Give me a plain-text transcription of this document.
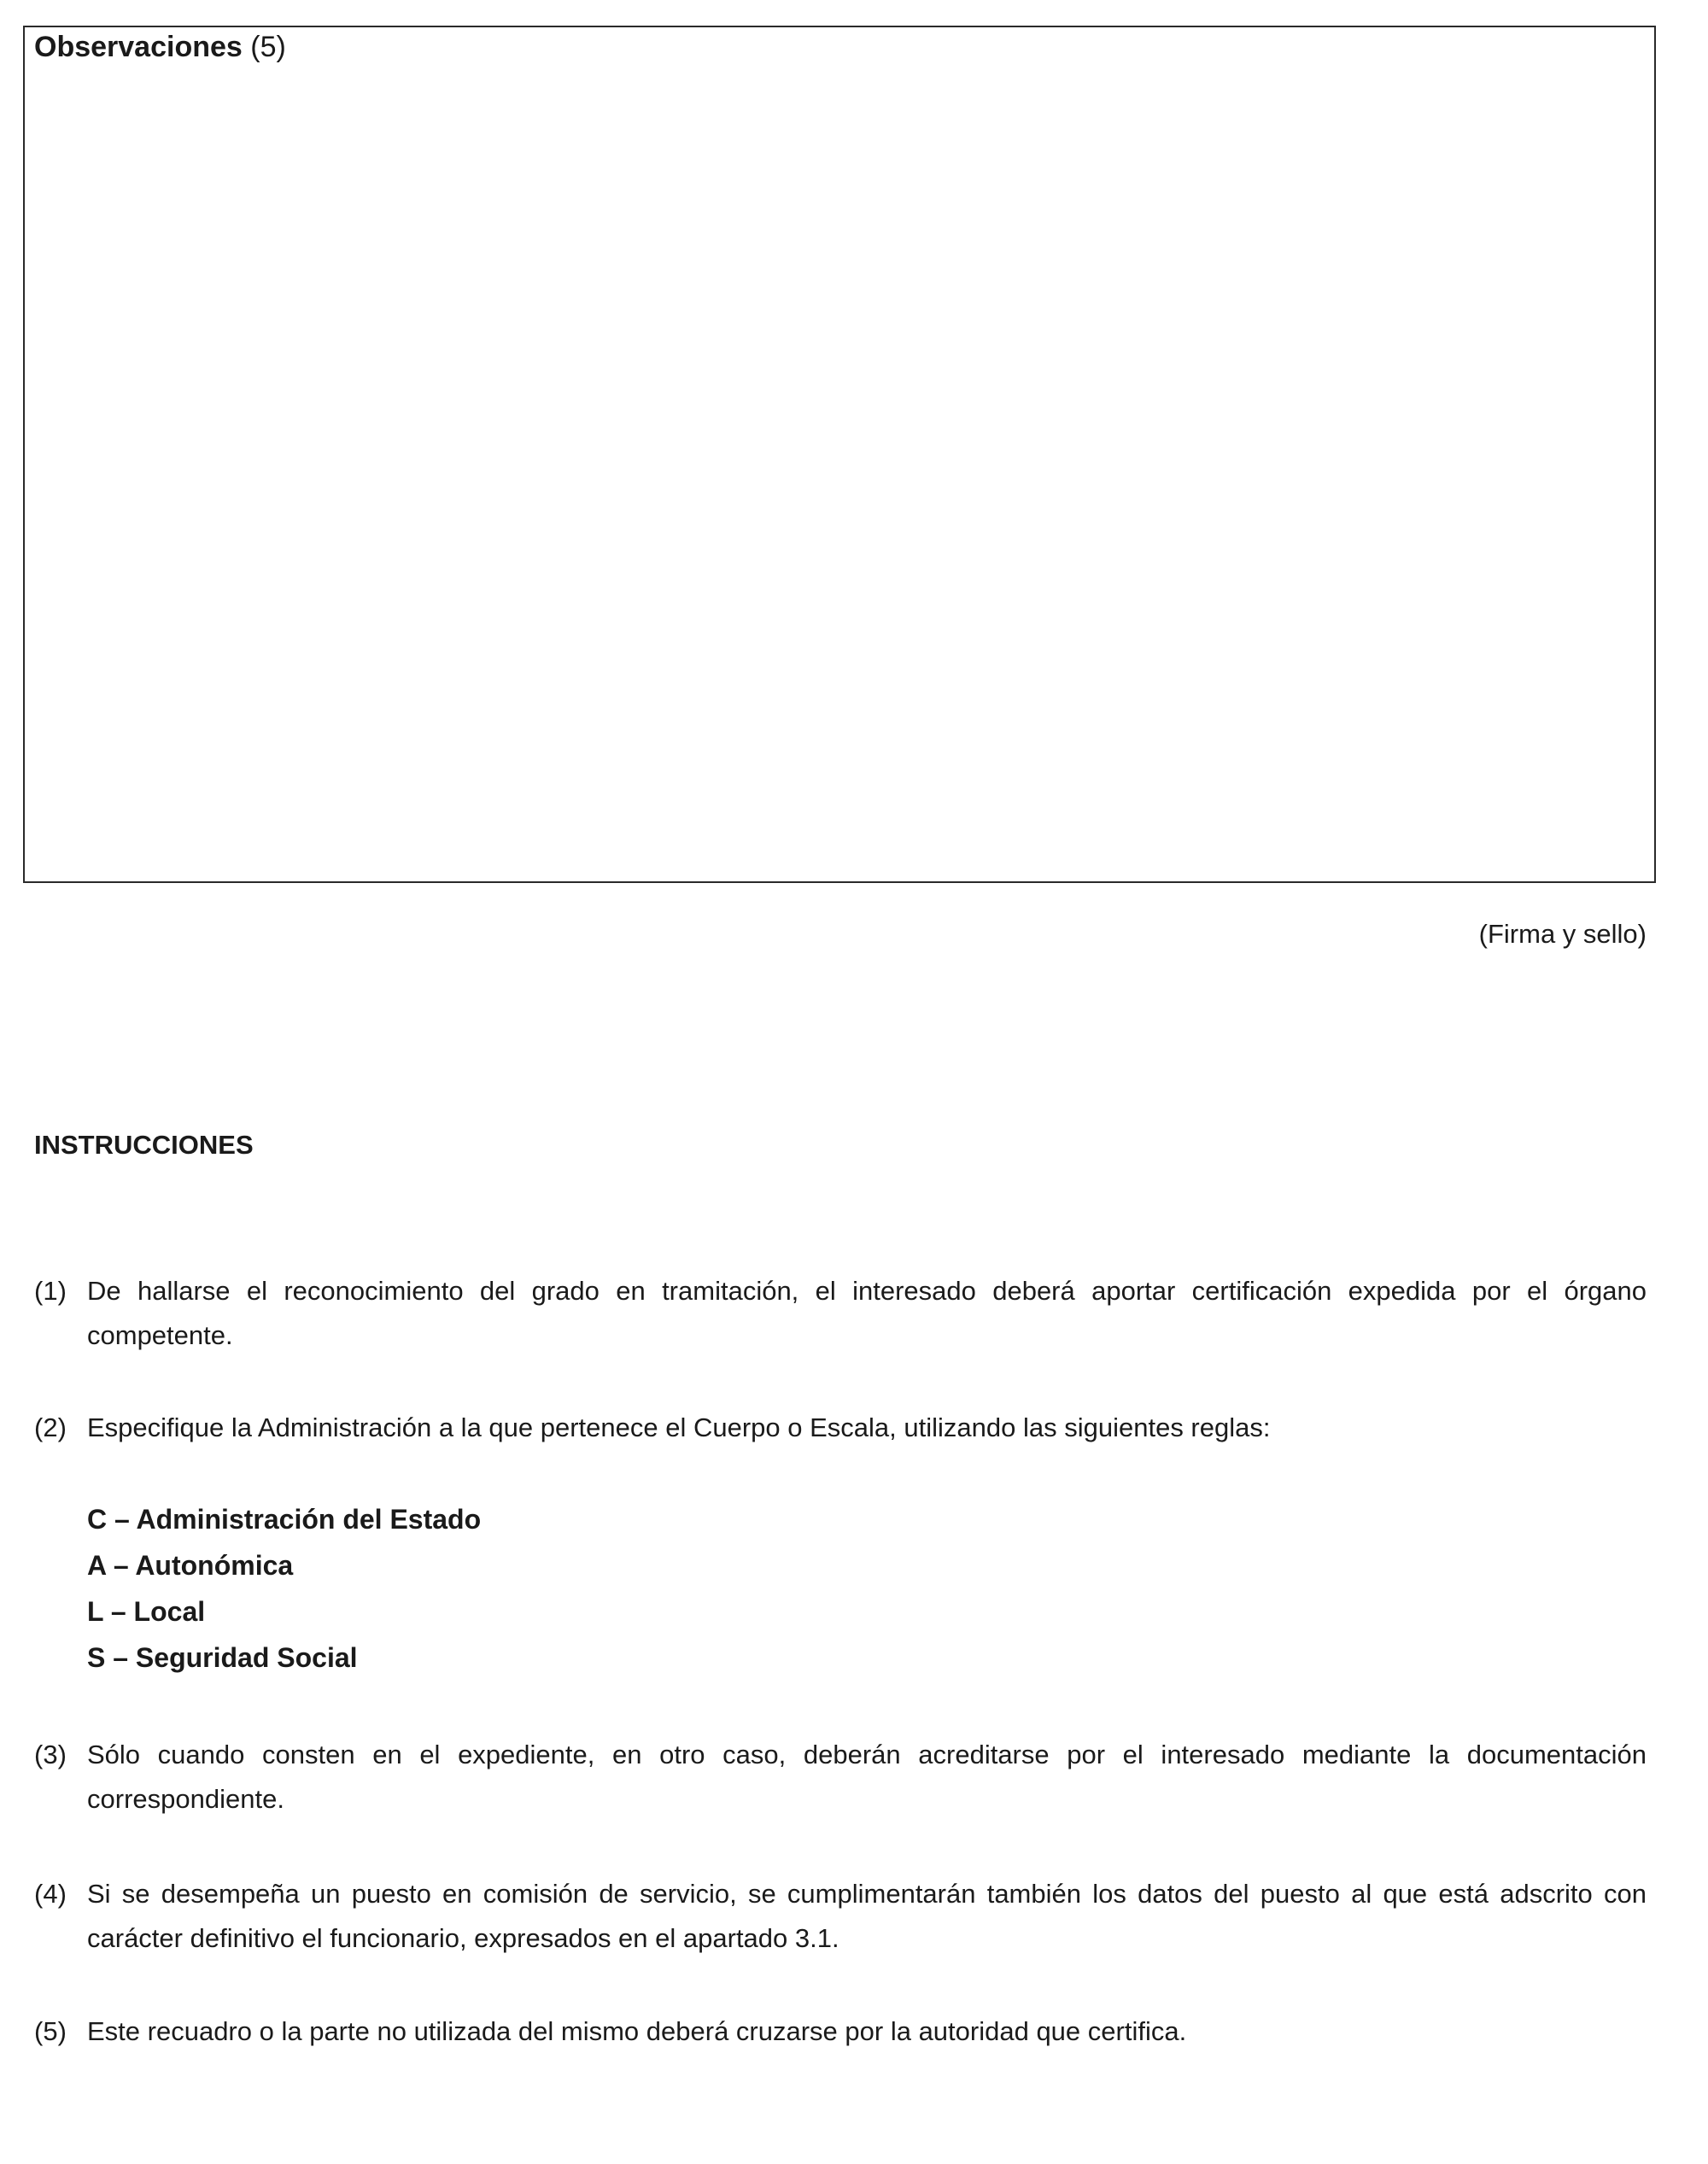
Observaciones (5)
(Firma y sello)
INSTRUCCIONES
(1) De hallarse el reconocimiento del grado en tramitación, el interesado deberá aportar certificación expedida por el órgano competente.
(2) Especifique la Administración a la que pertenece el Cuerpo o Escala, utilizando las siguientes reglas:
C – Administración del Estado
A – Autonómica
L – Local
S – Seguridad Social
(3) Sólo cuando consten en el expediente, en otro caso, deberán acreditarse por el interesado mediante la documentación correspondiente.
(4) Si se desempeña un puesto en comisión de servicio, se cumplimentarán también los datos del puesto al que está adscrito con carácter definitivo el funcionario, expresados en el apartado 3.1.
(5) Este recuadro o la parte no utilizada del mismo deberá cruzarse por la autoridad que certifica.
